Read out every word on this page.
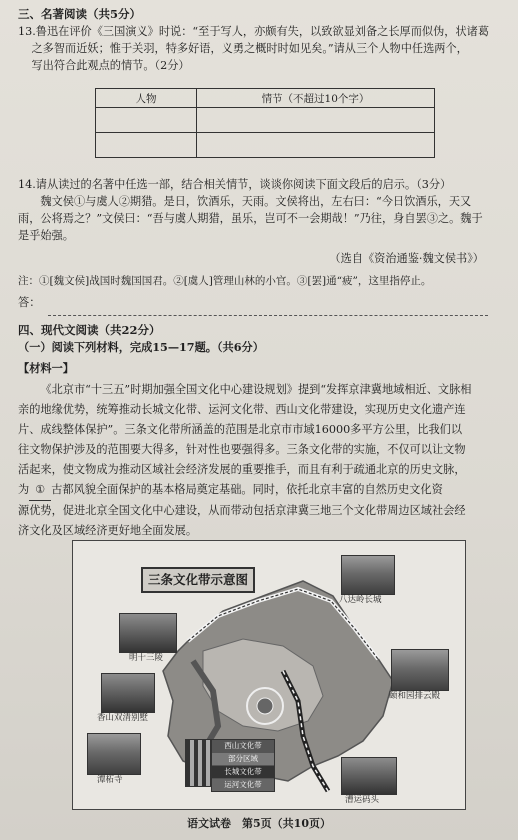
三、名著阅读（共5分）
13.鲁迅在评价《三国演义》时说：“至于写人，亦颇有失，以致欲显刘备之长厚而似伪，状诸葛
之多智而近妖；惟于关羽，特多好语，义勇之概时时如见矣。”请从三个人物中任选两个，
写出符合此观点的情节。（2分）
人物	情节（不超过10个字）

14.请从读过的名著中任选一部，结合相关情节，谈谈你阅读下面文段后的启示。（3分）
魏文侯①与虞人②期猎。是日，饮酒乐，天雨。文侯将出，左右曰：“今日饮酒乐，天又
雨，公将焉之？”文侯曰：“吾与虞人期猎，虽乐，岂可不一会期哉！”乃往，身自罢③之。魏于
是乎始强。
（选自《资治通鉴·魏文侯书》）
注：①[魏文侯]战国时魏国国君。②[虞人]管理山林的小官。③[罢]通“疲”，这里指停止。
答：
四、现代文阅读（共22分）
（一）阅读下列材料，完成15—17题。（共6分）
【材料一】
《北京市“十三五”时期加强全国文化中心建设规划》提到“发挥京津冀地域相近、文脉相
亲的地缘优势，统筹推动长城文化带、运河文化带、西山文化带建设，实现历史文化遗产连
片、成线整体保护”。三条文化带所涵盖的范围是北京市市域16000多平方公里，比我们以
往文物保护涉及的范围要大得多，针对性也要强得多。三条文化带的实施，不仅可以让文物
活起来，使文物成为推动区域社会经济发展的重要推手，而且有利于疏通北京的历史文脉，
为 ① 古都风貌全面保护的基本格局奠定基础。同时，依托北京丰富的自然历史文化资
源优势，促进北京全国文化中心建设，从而带动包括京津冀三地三个文化带周边区域社会经
济文化及区域经济更好地全面发展。
三条文化带示意图
八达岭长城
明十三陵
颐和园排云殿
香山双清别墅
潭柘寺
漕运码头
西山文化带
部分区域
长城文化带
运河文化带
语文试卷　第5页（共10页）
